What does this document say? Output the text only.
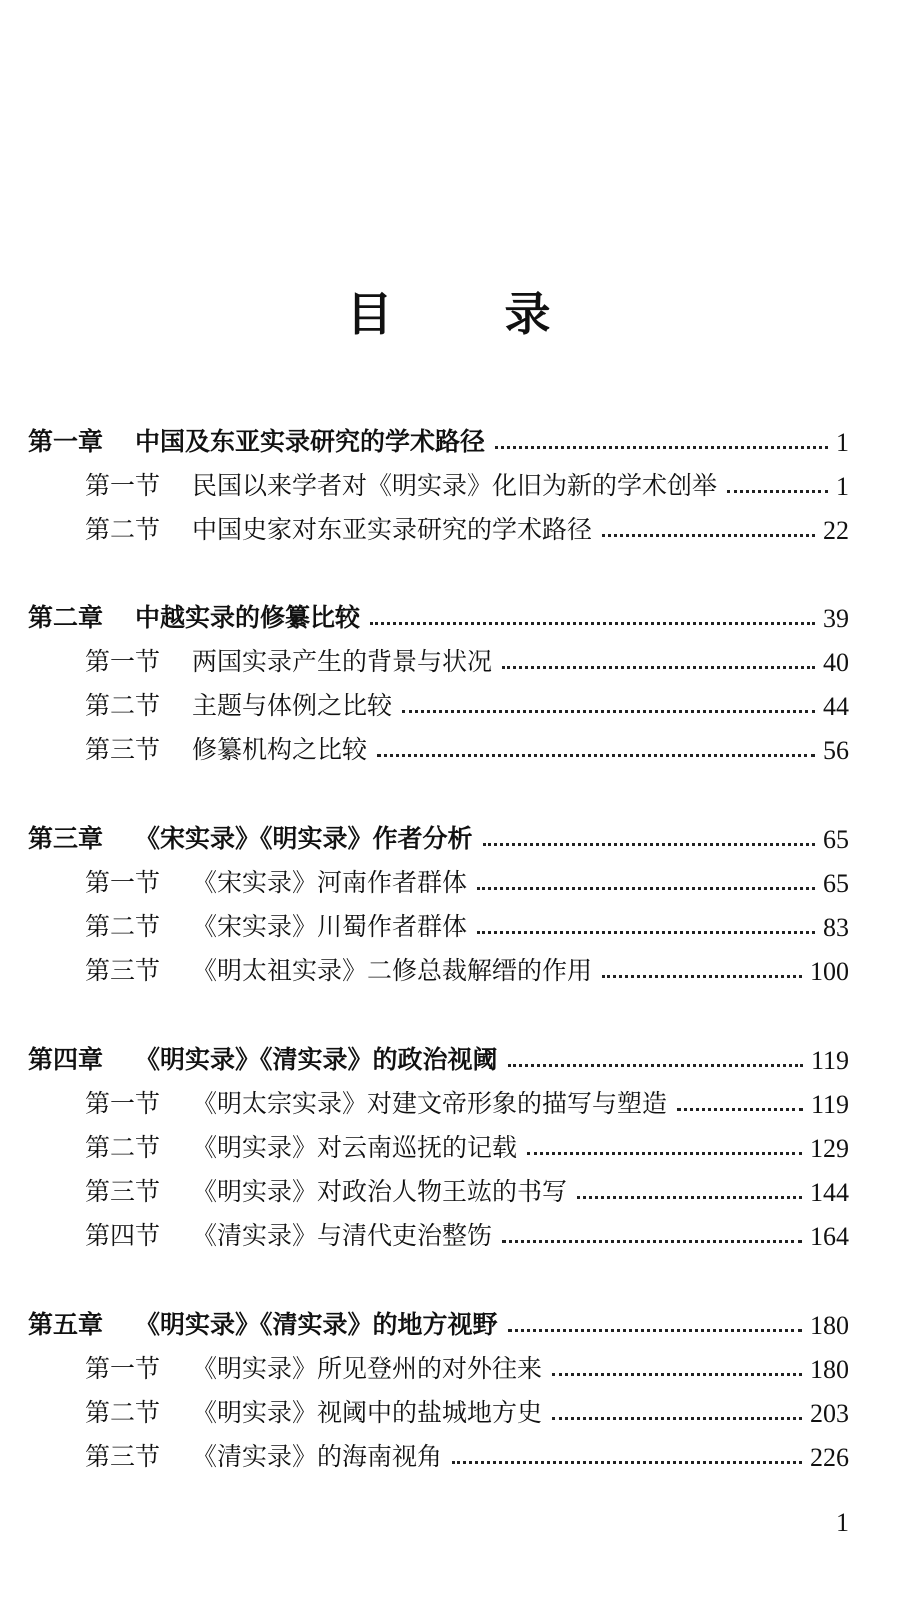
目 录
第一章 中国及东亚实录研究的学术路径	1
第一节 民国以来学者对《明实录》化旧为新的学术创举	1
第二节 中国史家对东亚实录研究的学术路径	22
第二章 中越实录的修纂比较	39
第一节 两国实录产生的背景与状况	40
第二节 主题与体例之比较	44
第三节 修纂机构之比较	56
第三章 《宋实录》《明实录》作者分析	65
第一节 《宋实录》河南作者群体	65
第二节 《宋实录》川蜀作者群体	83
第三节 《明太祖实录》二修总裁解缙的作用	100
第四章 《明实录》《清实录》的政治视阈	119
第一节 《明太宗实录》对建文帝形象的描写与塑造	119
第二节 《明实录》对云南巡抚的记载	129
第三节 《明实录》对政治人物王竑的书写	144
第四节 《清实录》与清代吏治整饬	164
第五章 《明实录》《清实录》的地方视野	180
第一节 《明实录》所见登州的对外往来	180
第二节 《明实录》视阈中的盐城地方史	203
第三节 《清实录》的海南视角	226
1
